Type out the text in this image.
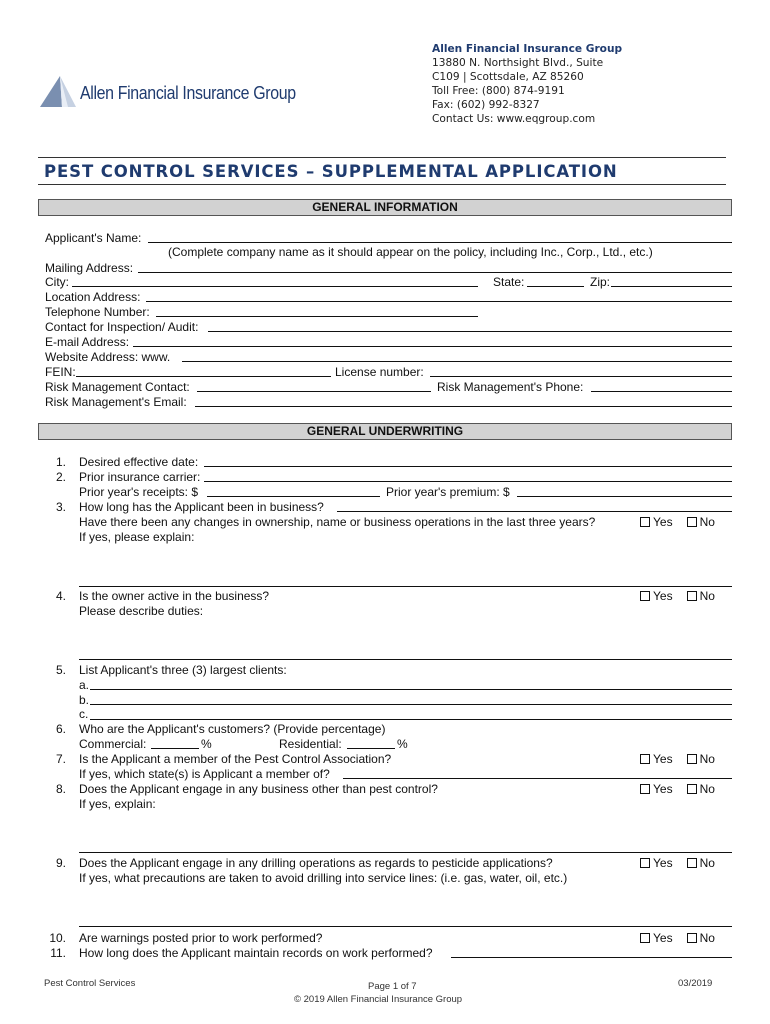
Allen Financial Insurance Group
Allen Financial Insurance Group
13880 N. Northsight Blvd., Suite
C109 | Scottsdale, AZ 85260
Toll Free: (800) 874-9191
Fax: (602) 992-8327
Contact Us: www.eqgroup.com
PEST CONTROL SERVICES – SUPPLEMENTAL APPLICATION
GENERAL INFORMATION
Applicant's Name:
(Complete company name as it should appear on the policy, including Inc., Corp., Ltd., etc.)
Mailing Address:
City:	State:	Zip:
Location Address:
Telephone Number:
Contact for Inspection/ Audit:
E-mail Address:
Website Address: www.
FEIN:	License number:
Risk Management Contact:	Risk Management's Phone:
Risk Management's Email:
GENERAL UNDERWRITING
1. Desired effective date:
2. Prior insurance carrier:
Prior year's receipts: $	Prior year's premium: $
3. How long has the Applicant been in business?
Have there been any changes in ownership, name or business operations in the last three years?	Yes No
If yes, please explain:
4. Is the owner active in the business?	Yes No
Please describe duties:
5. List Applicant's three (3) largest clients:
a.
b.
c.
6. Who are the Applicant's customers? (Provide percentage)
Commercial:	%	Residential:	%
7. Is the Applicant a member of the Pest Control Association?	Yes No
If yes, which state(s) is Applicant a member of?
8. Does the Applicant engage in any business other than pest control?	Yes No
If yes, explain:
9. Does the Applicant engage in any drilling operations as regards to pesticide applications?	Yes No
If yes, what precautions are taken to avoid drilling into service lines: (i.e. gas, water, oil, etc.)
10. Are warnings posted prior to work performed?	Yes No
11. How long does the Applicant maintain records on work performed?
Pest Control Services	Page 1 of 7
© 2019 Allen Financial Insurance Group
03/2019
